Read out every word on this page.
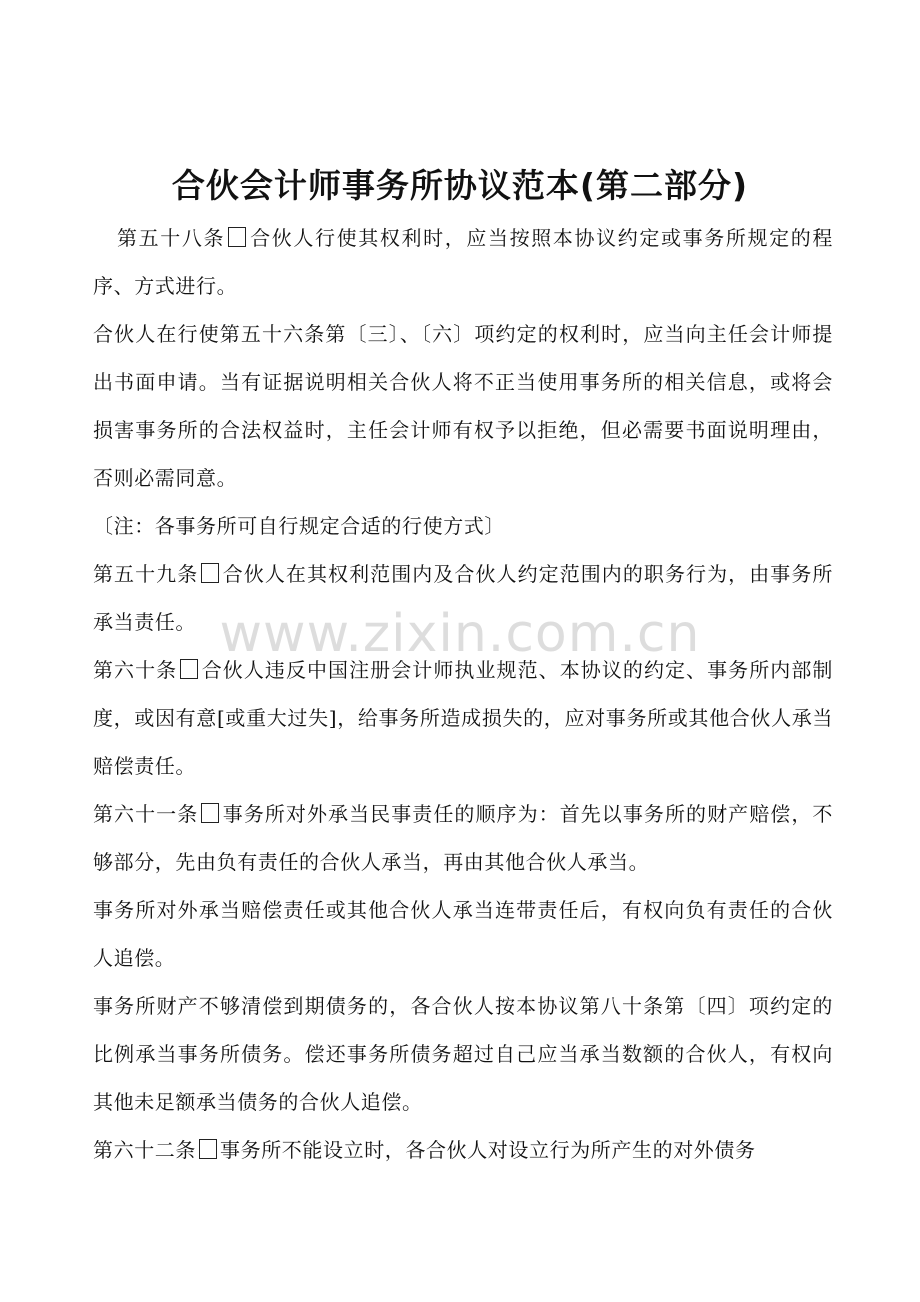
合伙会计师事务所协议范本(第二部分)
www.zixin.com.cn

第五十八条 合伙人行使其权利时，应当按照本协议约定或事务所规定的程序、方式进行。

合伙人在行使第五十六条第〔三〕、〔六〕项约定的权利时，应当向主任会计师提出书面申请。当有证据说明相关合伙人将不正当使用事务所的相关信息，或将会损害事务所的合法权益时，主任会计师有权予以拒绝，但必需要书面说明理由，否则必需同意。

〔注：各事务所可自行规定合适的行使方式〕

第五十九条 合伙人在其权利范围内及合伙人约定范围内的职务行为，由事务所承当责任。

第六十条 合伙人违反中国注册会计师执业规范、本协议的约定、事务所内部制度，或因有意[或重大过失]，给事务所造成损失的，应对事务所或其他合伙人承当赔偿责任。

第六十一条 事务所对外承当民事责任的顺序为：首先以事务所的财产赔偿，不够部分，先由负有责任的合伙人承当，再由其他合伙人承当。

事务所对外承当赔偿责任或其他合伙人承当连带责任后，有权向负有责任的合伙人追偿。

事务所财产不够清偿到期债务的，各合伙人按本协议第八十条第〔四〕项约定的比例承当事务所债务。偿还事务所债务超过自己应当承当数额的合伙人，有权向其他未足额承当债务的合伙人追偿。

第六十二条 事务所不能设立时，各合伙人对设立行为所产生的对外债务
